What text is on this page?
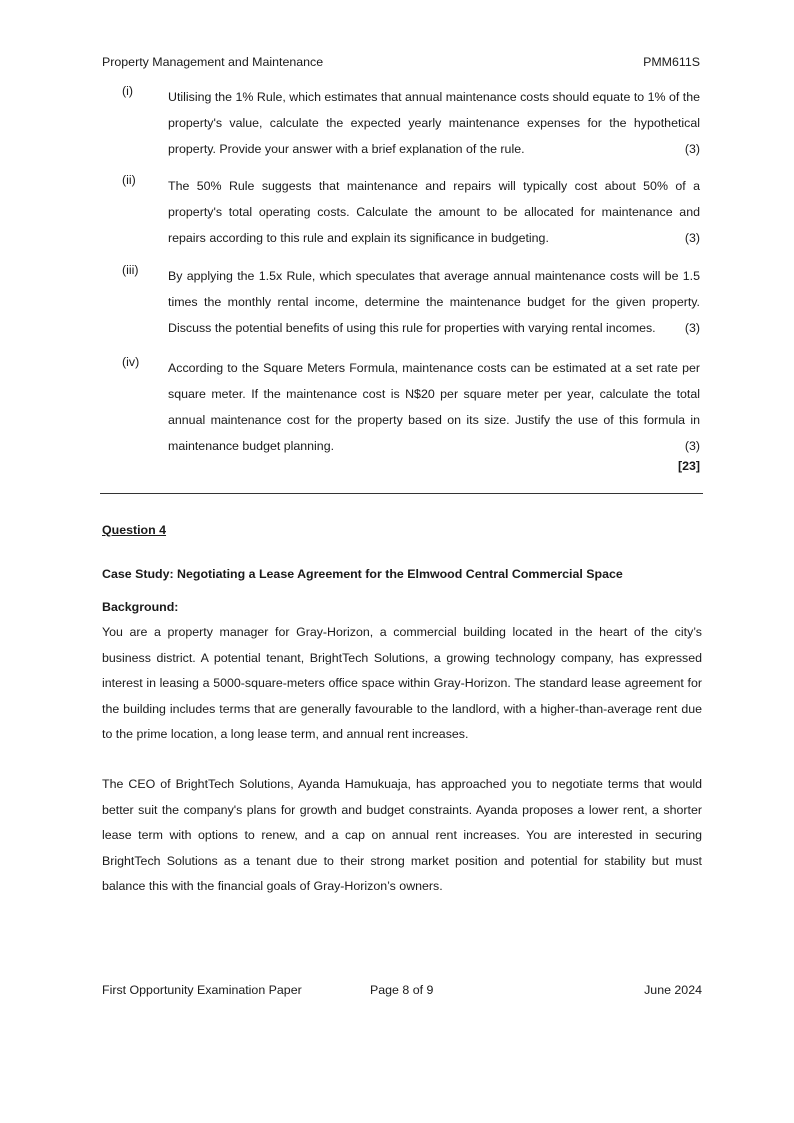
Property Management and Maintenance	PMM611S
(i)	Utilising the 1% Rule, which estimates that annual maintenance costs should equate to 1% of the property's value, calculate the expected yearly maintenance expenses for the hypothetical property. Provide your answer with a brief explanation of the rule.	(3)
(ii)	The 50% Rule suggests that maintenance and repairs will typically cost about 50% of a property's total operating costs. Calculate the amount to be allocated for maintenance and repairs according to this rule and explain its significance in budgeting.	(3)
(iii) By applying the 1.5x Rule, which speculates that average annual maintenance costs will be 1.5 times the monthly rental income, determine the maintenance budget for the given property. Discuss the potential benefits of using this rule for properties with varying rental incomes. (3)
(iv) According to the Square Meters Formula, maintenance costs can be estimated at a set rate per square meter. If the maintenance cost is N$20 per square meter per year, calculate the total annual maintenance cost for the property based on its size. Justify the use of this formula in maintenance budget planning.	(3)
[23]
Question 4
Case Study: Negotiating a Lease Agreement for the Elmwood Central Commercial Space
Background:
You are a property manager for Gray-Horizon, a commercial building located in the heart of the city’s business district. A potential tenant, BrightTech Solutions, a growing technology company, has expressed interest in leasing a 5000-square-meters office space within Gray-Horizon. The standard lease agreement for the building includes terms that are generally favourable to the landlord, with a higher-than-average rent due to the prime location, a long lease term, and annual rent increases.
The CEO of BrightTech Solutions, Ayanda Hamukuaja, has approached you to negotiate terms that would better suit the company's plans for growth and budget constraints. Ayanda proposes a lower rent, a shorter lease term with options to renew, and a cap on annual rent increases. You are interested in securing BrightTech Solutions as a tenant due to their strong market position and potential for stability but must balance this with the financial goals of Gray-Horizon’s owners.
First Opportunity Examination Paper	Page 8 of 9	June 2024
